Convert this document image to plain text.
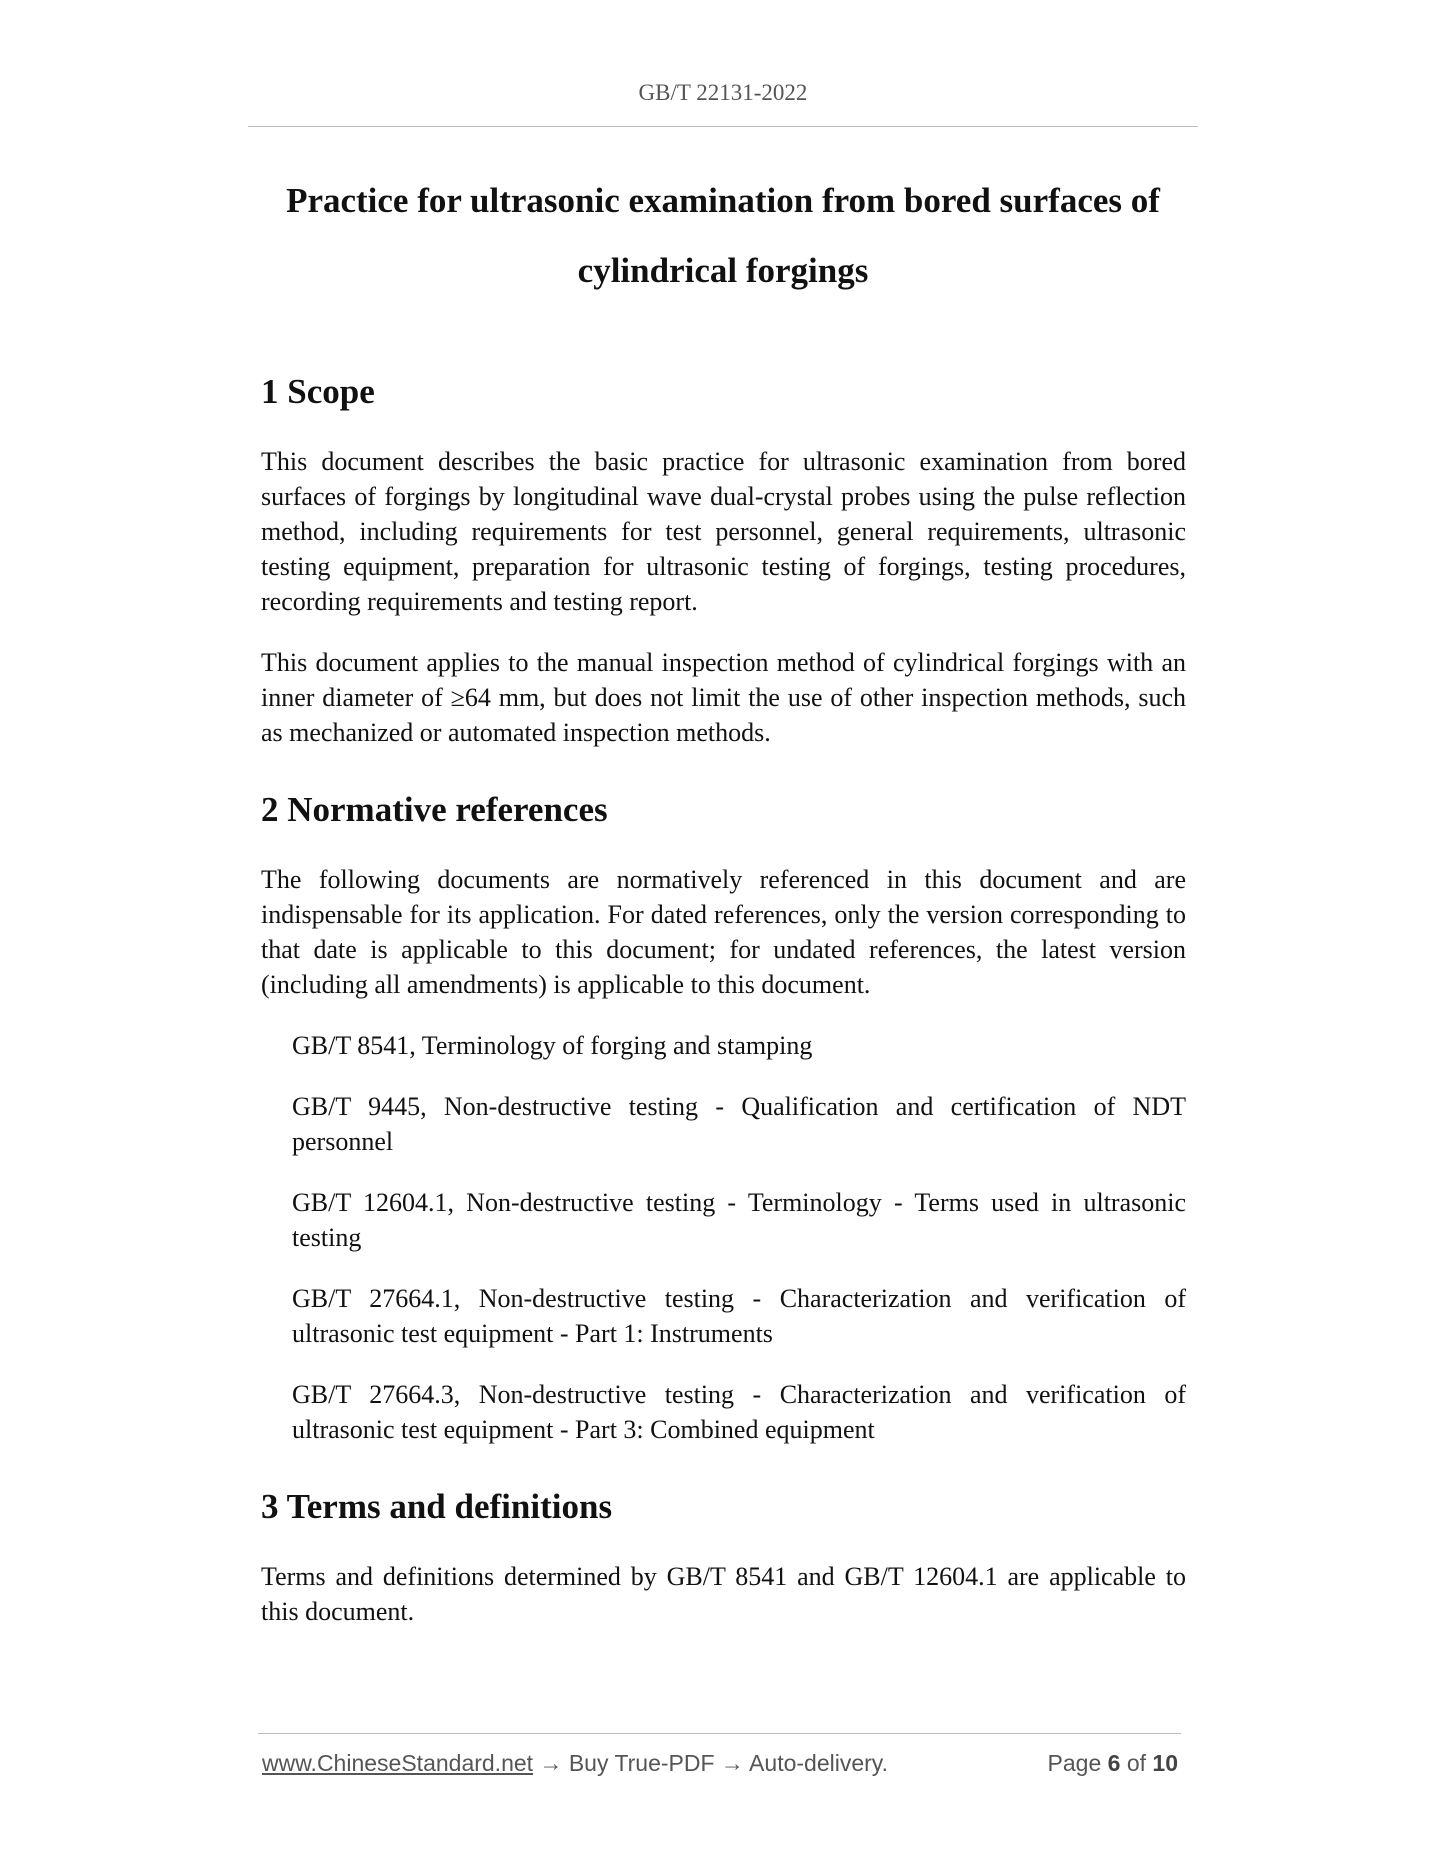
GB/T 22131-2022
Practice for ultrasonic examination from bored surfaces of
cylindrical forgings
1 Scope

This document describes the basic practice for ultrasonic examination from bored surfaces of forgings by longitudinal wave dual-crystal probes using the pulse reflection method, including requirements for test personnel, general requirements, ultrasonic testing equipment, preparation for ultrasonic testing of forgings, testing procedures, recording requirements and testing report.

This document applies to the manual inspection method of cylindrical forgings with an inner diameter of ≥64 mm, but does not limit the use of other inspection methods, such as mechanized or automated inspection methods.

2 Normative references

The following documents are normatively referenced in this document and are indispensable for its application. For dated references, only the version corresponding to that date is applicable to this document; for undated references, the latest version (including all amendments) is applicable to this document.

GB/T 8541, Terminology of forging and stamping

GB/T 9445, Non-destructive testing - Qualification and certification of NDT personnel

GB/T 12604.1, Non-destructive testing - Terminology - Terms used in ultrasonic testing

GB/T 27664.1, Non-destructive testing - Characterization and verification of ultrasonic test equipment - Part 1: Instruments

GB/T 27664.3, Non-destructive testing - Characterization and verification of ultrasonic test equipment - Part 3: Combined equipment

3 Terms and definitions

Terms and definitions determined by GB/T 8541 and GB/T 12604.1 are applicable to this document.

www.ChineseStandard.net → Buy True-PDF → Auto-delivery.	Page 6 of 10
